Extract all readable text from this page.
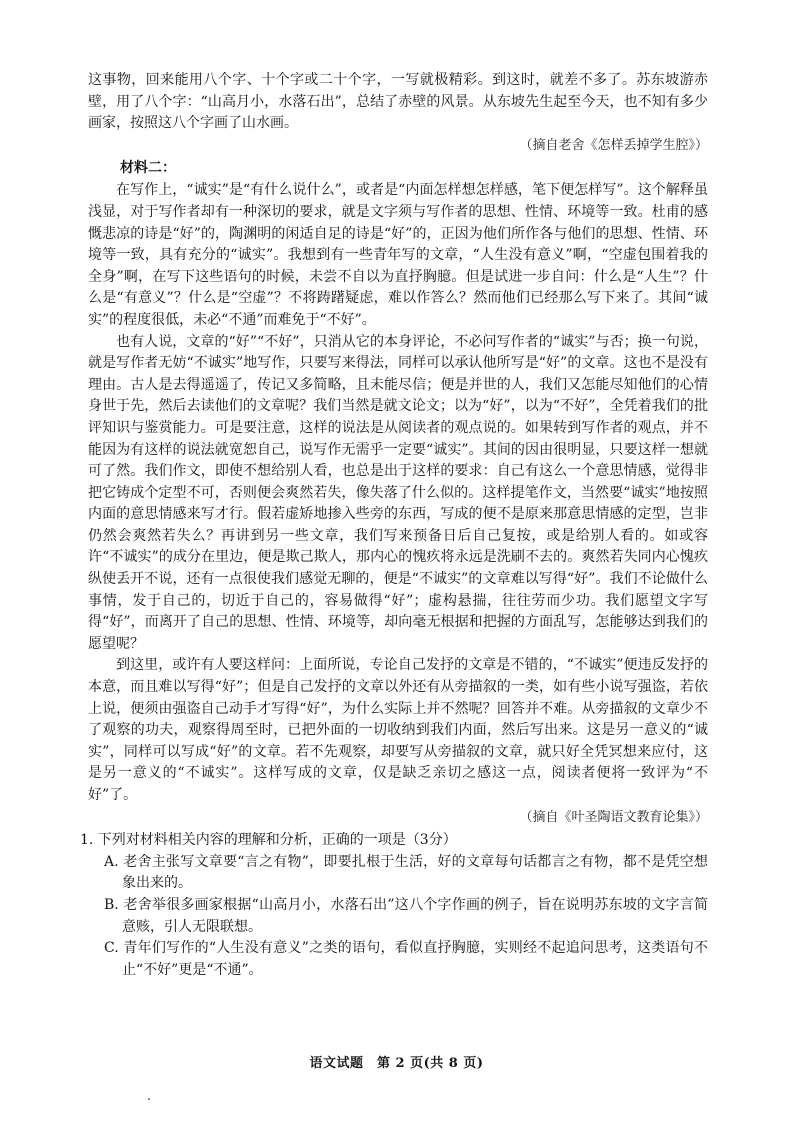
这事物，回来能用八个字、十个字或二十个字，一写就极精彩。到这时，就差不多了。苏东坡游赤壁，用了八个字：“山高月小，水落石出”，总结了赤壁的风景。从东坡先生起至今天，也不知有多少画家，按照这八个字画了山水画。

（摘自老舍《怎样丢掉学生腔》）

材料二：

在写作上，“诚实”是“有什么说什么”，或者是“内面怎样想怎样感，笔下便怎样写”。这个解释虽浅显，对于写作者却有一种深切的要求，就是文字须与写作者的思想、性情、环境等一致。杜甫的感慨悲凉的诗是“好”的，陶渊明的闲适自足的诗是“好”的，正因为他们所作各与他们的思想、性情、环境等一致，具有充分的“诚实”。我想到有一些青年写的文章，“人生没有意义”啊，“空虚包围着我的全身”啊，在写下这些语句的时候，未尝不自以为直抒胸臆。但是试进一步自问：什么是“人生”？什么是“有意义”？什么是“空虚”？不将踌躇疑虑，难以作答么？然而他们已经那么写下来了。其间“诚实”的程度很低，未必“不通”而难免于“不好”。

也有人说，文章的“好”“不好”，只消从它的本身评论，不必问写作者的“诚实”与否；换一句说，就是写作者无妨“不诚实”地写作，只要写来得法，同样可以承认他所写是“好”的文章。这也不是没有理由。古人是去得遥遥了，传记又多简略，且未能尽信；便是并世的人，我们又怎能尽知他们的心情身世于先，然后去读他们的文章呢？我们当然是就文论文；以为“好”，以为“不好”，全凭着我们的批评知识与鉴赏能力。可是要注意，这样的说法是从阅读者的观点说的。如果转到写作者的观点，并不能因为有这样的说法就宽恕自己，说写作无需乎一定要“诚实”。其间的因由很明显，只要这样一想就可了然。我们作文，即使不想给别人看，也总是出于这样的要求：自己有这么一个意思情感，觉得非把它铸成个定型不可，否则便会爽然若失，像失落了什么似的。这样提笔作文，当然要“诚实”地按照内面的意思情感来写才行。假若虚矫地掺入些旁的东西，写成的便不是原来那意思情感的定型，岂非仍然会爽然若失么？再讲到另一些文章，我们写来预备日后自己复按，或是给别人看的。如或容许“不诚实”的成分在里边，便是欺己欺人，那内心的愧疚将永远是洗刷不去的。爽然若失同内心愧疚纵使丢开不说，还有一点很使我们感觉无聊的，便是“不诚实”的文章难以写得“好”。我们不论做什么事情，发于自己的，切近于自己的，容易做得“好”；虚构悬揣，往往劳而少功。我们愿望文字写得“好”，而离开了自己的思想、性情、环境等，却向毫无根据和把握的方面乱写，怎能够达到我们的愿望呢？

到这里，或许有人要这样问：上面所说，专论自己发抒的文章是不错的，“不诚实”便违反发抒的本意，而且难以写得“好”；但是自己发抒的文章以外还有从旁描叙的一类，如有些小说写强盗，若依上说，便须由强盗自己动手才写得“好”，为什么实际上并不然呢？回答并不难。从旁描叙的文章少不了观察的功夫，观察得周至时，已把外面的一切收纳到我们内面，然后写出来。这是另一意义的“诚实”，同样可以写成“好”的文章。若不先观察，却要写从旁描叙的文章，就只好全凭冥想来应付，这是另一意义的“不诚实”。这样写成的文章，仅是缺乏亲切之感这一点，阅读者便将一致评为“不好”了。

（摘自《叶圣陶语文教育论集》）

1. 下列对材料相关内容的理解和分析，正确的一项是（3分）

A. 老舍主张写文章要“言之有物”，即要扎根于生活，好的文章每句话都言之有物，都不是凭空想象出来的。

B. 老舍举很多画家根据“山高月小，水落石出”这八个字作画的例子，旨在说明苏东坡的文字言简意赅，引人无限联想。

C. 青年们写作的“人生没有意义”之类的语句，看似直抒胸臆，实则经不起追问思考，这类语句不止“不好”更是“不通”。

语文试题　第 2 页(共 8 页)
